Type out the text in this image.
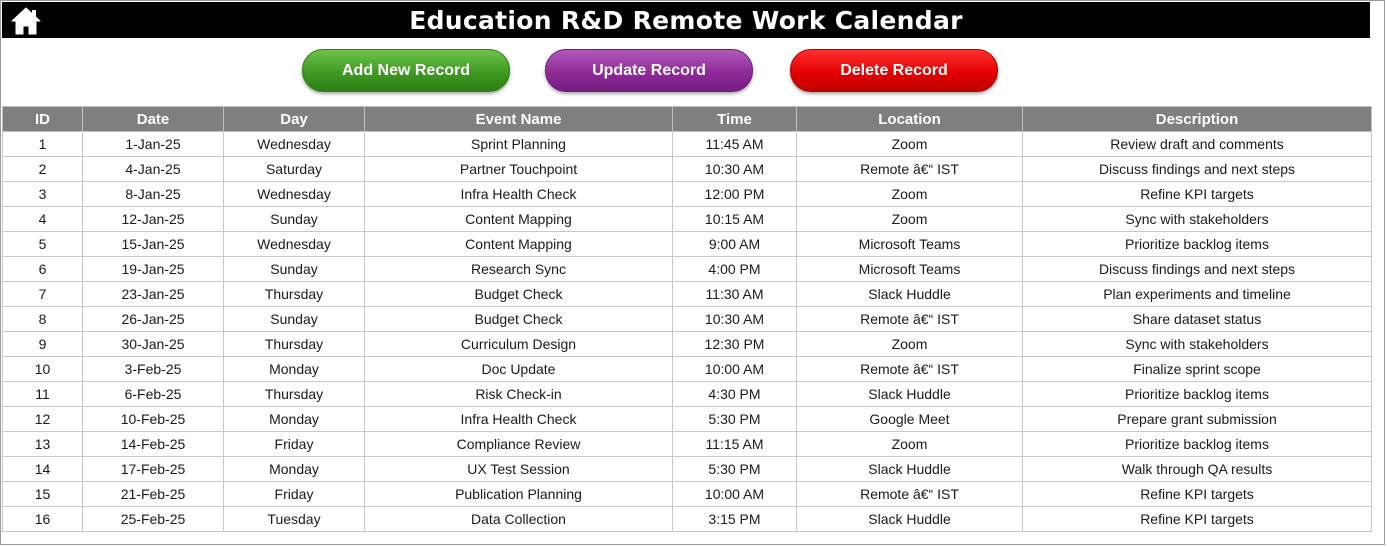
Education R&D Remote Work Calendar
Add New Record	Update Record	Delete Record
ID	Date	Day	Event Name	Time	Location	Description
1	1-Jan-25	Wednesday	Sprint Planning	11:45 AM	Zoom	Review draft and comments
2	4-Jan-25	Saturday	Partner Touchpoint	10:30 AM	Remote â€“ IST	Discuss findings and next steps
3	8-Jan-25	Wednesday	Infra Health Check	12:00 PM	Zoom	Refine KPI targets
4	12-Jan-25	Sunday	Content Mapping	10:15 AM	Zoom	Sync with stakeholders
5	15-Jan-25	Wednesday	Content Mapping	9:00 AM	Microsoft Teams	Prioritize backlog items
6	19-Jan-25	Sunday	Research Sync	4:00 PM	Microsoft Teams	Discuss findings and next steps
7	23-Jan-25	Thursday	Budget Check	11:30 AM	Slack Huddle	Plan experiments and timeline
8	26-Jan-25	Sunday	Budget Check	10:30 AM	Remote â€“ IST	Share dataset status
9	30-Jan-25	Thursday	Curriculum Design	12:30 PM	Zoom	Sync with stakeholders
10	3-Feb-25	Monday	Doc Update	10:00 AM	Remote â€“ IST	Finalize sprint scope
11	6-Feb-25	Thursday	Risk Check-in	4:30 PM	Slack Huddle	Prioritize backlog items
12	10-Feb-25	Monday	Infra Health Check	5:30 PM	Google Meet	Prepare grant submission
13	14-Feb-25	Friday	Compliance Review	11:15 AM	Zoom	Prioritize backlog items
14	17-Feb-25	Monday	UX Test Session	5:30 PM	Slack Huddle	Walk through QA results
15	21-Feb-25	Friday	Publication Planning	10:00 AM	Remote â€“ IST	Refine KPI targets
16	25-Feb-25	Tuesday	Data Collection	3:15 PM	Slack Huddle	Refine KPI targets
